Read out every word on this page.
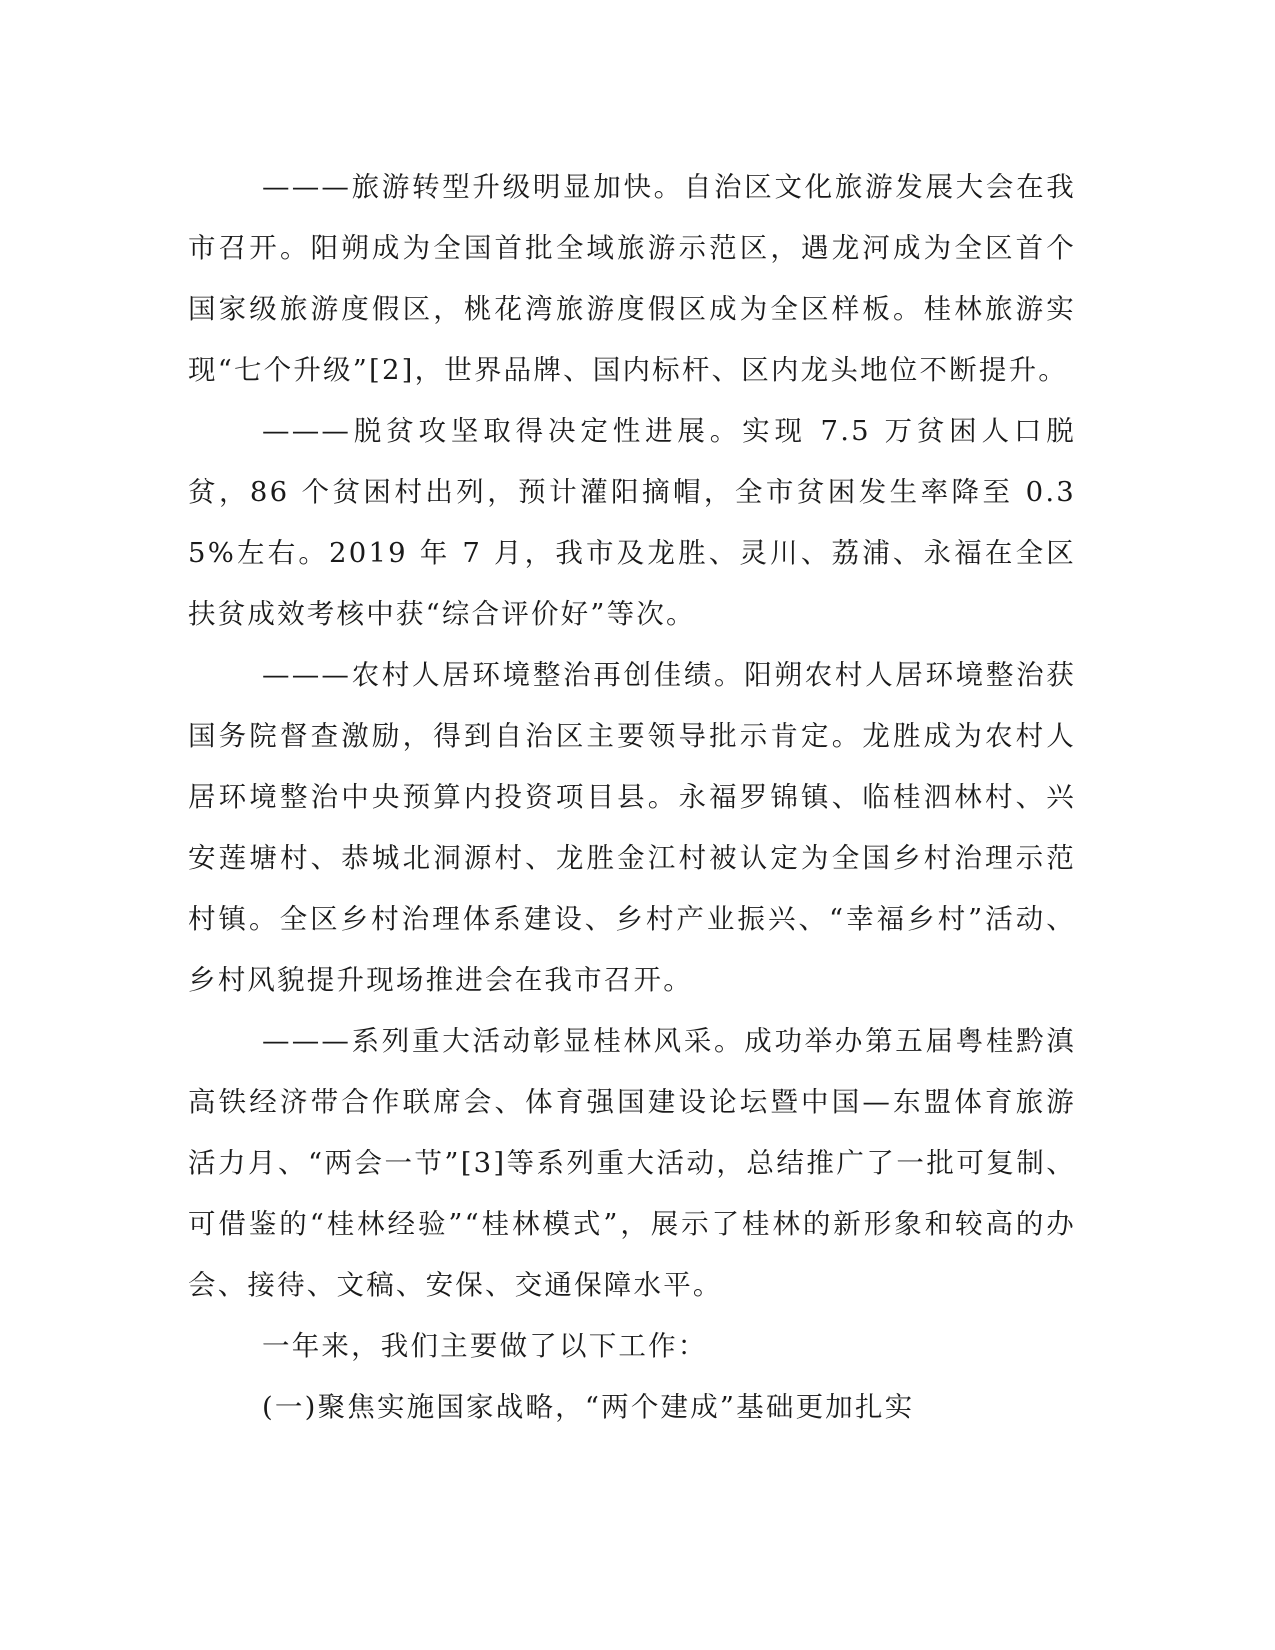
———旅游转型升级明显加快。自治区文化旅游发展大会在我市召开。阳朔成为全国首批全域旅游示范区，遇龙河成为全区首个国家级旅游度假区，桃花湾旅游度假区成为全区样板。桂林旅游实现“七个升级”[2]，世界品牌、国内标杆、区内龙头地位不断提升。

———脱贫攻坚取得决定性进展。实现 7.5 万贫困人口脱贫，86 个贫困村出列，预计灌阳摘帽，全市贫困发生率降至 0.35%左右。2019 年 7 月，我市及龙胜、灵川、荔浦、永福在全区扶贫成效考核中获“综合评价好”等次。

———农村人居环境整治再创佳绩。阳朔农村人居环境整治获国务院督查激励，得到自治区主要领导批示肯定。龙胜成为农村人居环境整治中央预算内投资项目县。永福罗锦镇、临桂泗林村、兴安莲塘村、恭城北洞源村、龙胜金江村被认定为全国乡村治理示范村镇。全区乡村治理体系建设、乡村产业振兴、“幸福乡村”活动、乡村风貌提升现场推进会在我市召开。

———系列重大活动彰显桂林风采。成功举办第五届粤桂黔滇高铁经济带合作联席会、体育强国建设论坛暨中国—东盟体育旅游活力月、“两会一节”[3]等系列重大活动，总结推广了一批可复制、可借鉴的“桂林经验”“桂林模式”，展示了桂林的新形象和较高的办会、接待、文稿、安保、交通保障水平。

一年来，我们主要做了以下工作：

(一)聚焦实施国家战略，“两个建成”基础更加扎实
